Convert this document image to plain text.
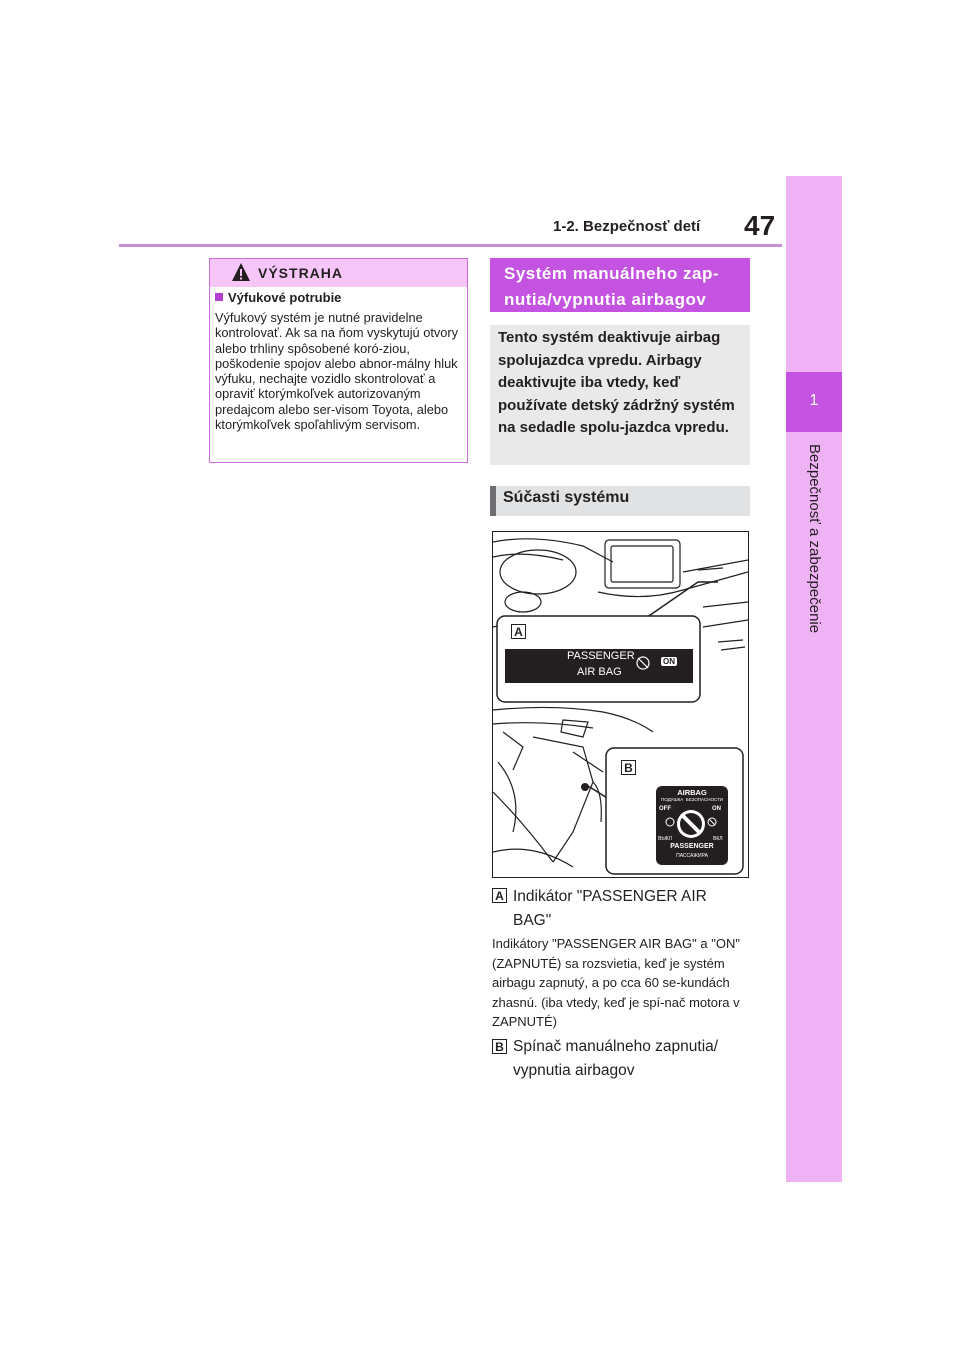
1-2. Bezpečnosť detí 47
1
Bezpečnosť a zabezpečenie
VÝSTRAHA
Výfukové potrubie
Výfukový systém je nutné pravidelne kontrolovať. Ak sa na ňom vyskytujú otvory alebo trhliny spôsobené koró-ziou, poškodenie spojov alebo abnor-málny hluk výfuku, nechajte vozidlo skontrolovať a opraviť ktorýmkoľvek autorizovaným predajcom alebo ser-visom Toyota, alebo ktorýmkoľvek spoľahlivým servisom.
Systém manuálneho zap-nutia/vypnutia airbagov
Tento systém deaktivuje airbag spolujazdca vpredu. Airbagy deaktivujte iba vtedy, keď používate detský zádržný systém na sedadle spolu-jazdca vpredu.
Súčasti systému
A
B
PASSENGER
AIR BAG
ON
AIRBAG
ПОДУШКА  БЕЗОПАСНОСТИ
OFF	ON
ВЫКЛ	ВКЛ
PASSENGER
ПАССАЖИРА
A Indikátor "PASSENGER AIR BAG"
Indikátory "PASSENGER AIR BAG" a "ON" (ZAPNUTÉ) sa rozsvietia, keď je systém airbagu zapnutý, a po cca 60 se-kundách zhasnú. (iba vtedy, keď je spí-nač motora v ZAPNUTÉ)
B Spínač manuálneho zapnutia/ vypnutia airbagov
